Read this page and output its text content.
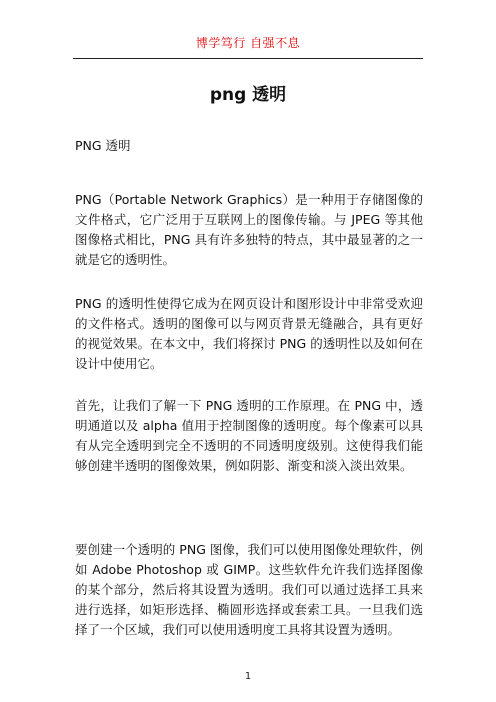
博学笃行 自强不息
png 透明
PNG 透明
PNG（Portable Network Graphics）是一种用于存储图像的文件格式，它广泛用于互联网上的图像传输。与 JPEG 等其他图像格式相比，PNG 具有许多独特的特点，其中最显著的之一就是它的透明性。
PNG 的透明性使得它成为在网页设计和图形设计中非常受欢迎的文件格式。透明的图像可以与网页背景无缝融合，具有更好的视觉效果。在本文中，我们将探讨 PNG 的透明性以及如何在设计中使用它。
首先，让我们了解一下 PNG 透明的工作原理。在 PNG 中，透明通道以及 alpha 值用于控制图像的透明度。每个像素可以具有从完全透明到完全不透明的不同透明度级别。这使得我们能够创建半透明的图像效果，例如阴影、渐变和淡入淡出效果。
要创建一个透明的 PNG 图像，我们可以使用图像处理软件，例如 Adobe Photoshop 或 GIMP。这些软件允许我们选择图像的某个部分，然后将其设置为透明。我们可以通过选择工具来进行选择，如矩形选择、椭圆形选择或套索工具。一旦我们选择了一个区域，我们可以使用透明度工具将其设置为透明。
1
